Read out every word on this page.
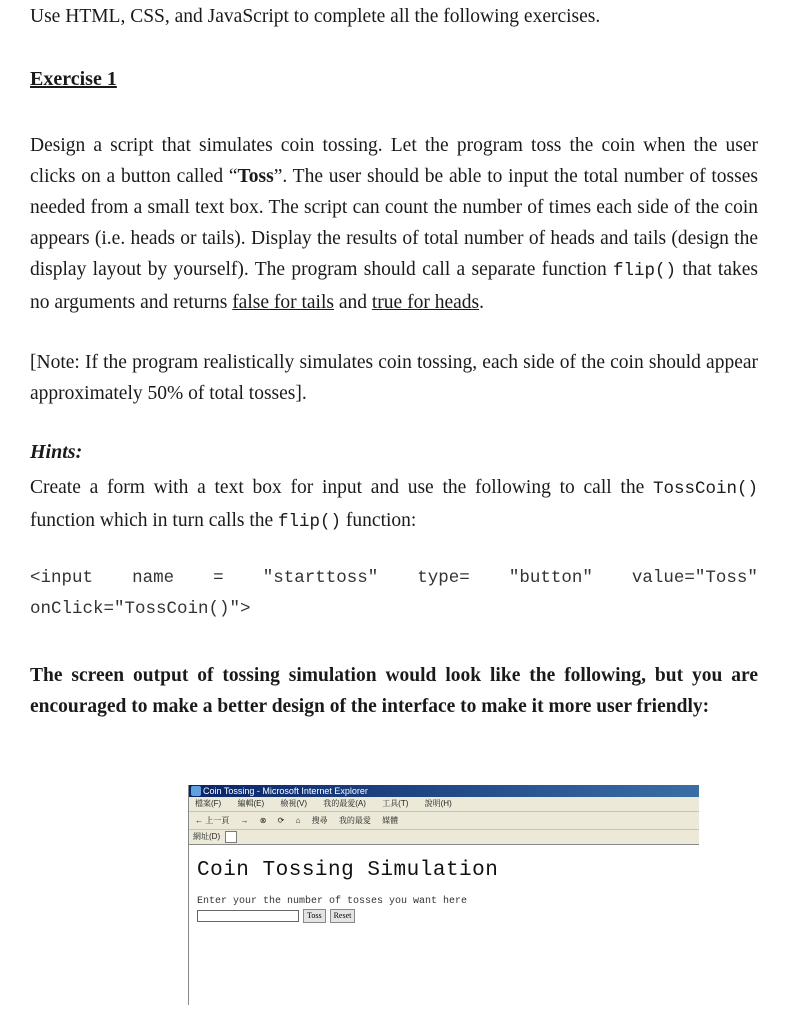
Use HTML, CSS, and JavaScript to complete all the following exercises.
Exercise 1

Design a script that simulates coin tossing. Let the program toss the coin when the user clicks on a button called “Toss”. The user should be able to input the total number of tosses needed from a small text box. The script can count the number of times each side of the coin appears (i.e. heads or tails). Display the results of total number of heads and tails (design the display layout by yourself). The program should call a separate function flip() that takes no arguments and returns false for tails and true for heads.

[Note: If the program realistically simulates coin tossing, each side of the coin should appear approximately 50% of total tosses].

Hints:

Create a form with a text box for input and use the following to call the TossCoin() function which in turn calls the flip() function:

<input name = "starttoss" type= "button" value="Toss"
onClick="TossCoin()">

The screen output of tossing simulation would look like the following, but you are encouraged to make a better design of the interface to make it more user friendly:

Coin Tossing - Microsoft Internet Explorer
檔案(F) 編輯(E) 檢視(V) 我的最愛(A) 工具(T) 說明(H)
← 上一頁 → ⊗ ⟳ ⌂ 搜尋 我的最愛 媒體
網址(D)
Coin Tossing Simulation
Enter your the number of tosses you want here
Toss	Reset
